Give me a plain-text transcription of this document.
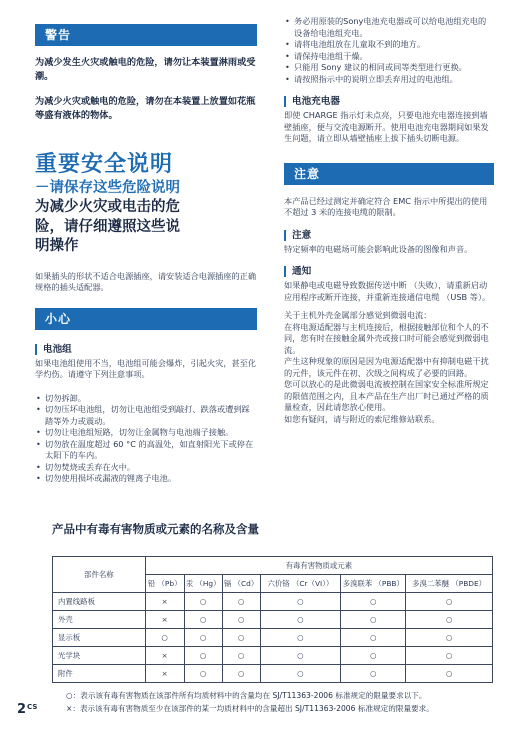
警告

为减少发生火灾或触电的危险，请勿让本装置淋雨或受潮。

为减少火灾或触电的危险，请勿在本装置上放置如花瓶等盛有液体的物体。

重要安全说明
－请保存这些危险说明
为减少火灾或电击的危
险，请仔细遵照这些说
明操作

如果插头的形状不适合电源插座，请安装适合电源插座的正确规格的插头适配器。

小心
电池组

如果电池组使用不当，电池组可能会爆炸，引起火灾，甚至化学灼伤。请遵守下列注意事项。

• 切勿拆卸。
• 切勿压坏电池组，切勿让电池组受到敲打、跌落或遭到踩踏等外力或震动。
• 切勿让电池组短路，切勿让金属物与电池端子接触。
• 切勿放在温度超过 60 °C 的高温处，如直射阳光下或停在太阳下的车内。
• 切勿焚烧或丢弃在火中。
• 切勿使用损坏或漏液的锂离子电池。
• 务必用原装的Sony电池充电器或可以给电池组充电的设备给电池组充电。
• 请将电池组放在儿童取不到的地方。
• 请保持电池组干燥。
• 只能用 Sony 建议的相同或同等类型进行更换。
• 请按照指示中的说明立即丢弃用过的电池组。
电池充电器

即使 CHARGE 指示灯未点亮，只要电池充电器连接到墙壁插座，便与交流电源断开。使用电池充电器期间如果发生问题，请立即从墙壁插座上拔下插头切断电源。

注意

本产品已经过测定并确定符合 EMC 指示中所提出的使用不超过 3 米的连接电缆的限制。

注意

特定频率的电磁场可能会影响此设备的图像和声音。

通知

如果静电或电磁导致数据传送中断 （失败），请重新启动应用程序或断开连接，并重新连接通信电缆 （USB 等）。

关于主机外壳金属部分感觉到微弱电流：
在将电源适配器与主机连接后，根据接触部位和个人的不同，您有时在接触金属外壳或接口时可能会感觉到微弱电流。
产生这种现象的原因是因为电源适配器中有抑制电磁干扰的元件，该元件在初、次级之间构成了必要的回路。
您可以放心的是此微弱电流被控制在国家安全标准所规定的限值范围之内，且本产品在生产出厂时已通过严格的质量检查，因此请您放心使用。
如您有疑问，请与附近的索尼维修站联系。

产品中有毒有害物质或元素的名称及含量
部件名称	有毒有害物质或元素					
	铅 （Pb）	汞 （Hg）	镉 （Cd）	六价铬 （Cr（VI））	多溴联苯 （PBB）	多溴二苯醚 （PBDE）
内置线路板	×	○	○	○	○	○
外壳	×	○	○	○	○	○
显示板	○	○	○	○	○	○
光学块	×	○	○	○	○	○
附件	×	○	○	○	○	○
○：表示该有毒有害物质在该部件所有均质材料中的含量均在 SJ/T11363-2006 标准规定的限量要求以下。
×：表示该有毒有害物质至少在该部件的某一均质材料中的含量超出 SJ/T11363-2006 标准规定的限量要求。
$2^{CS}$
